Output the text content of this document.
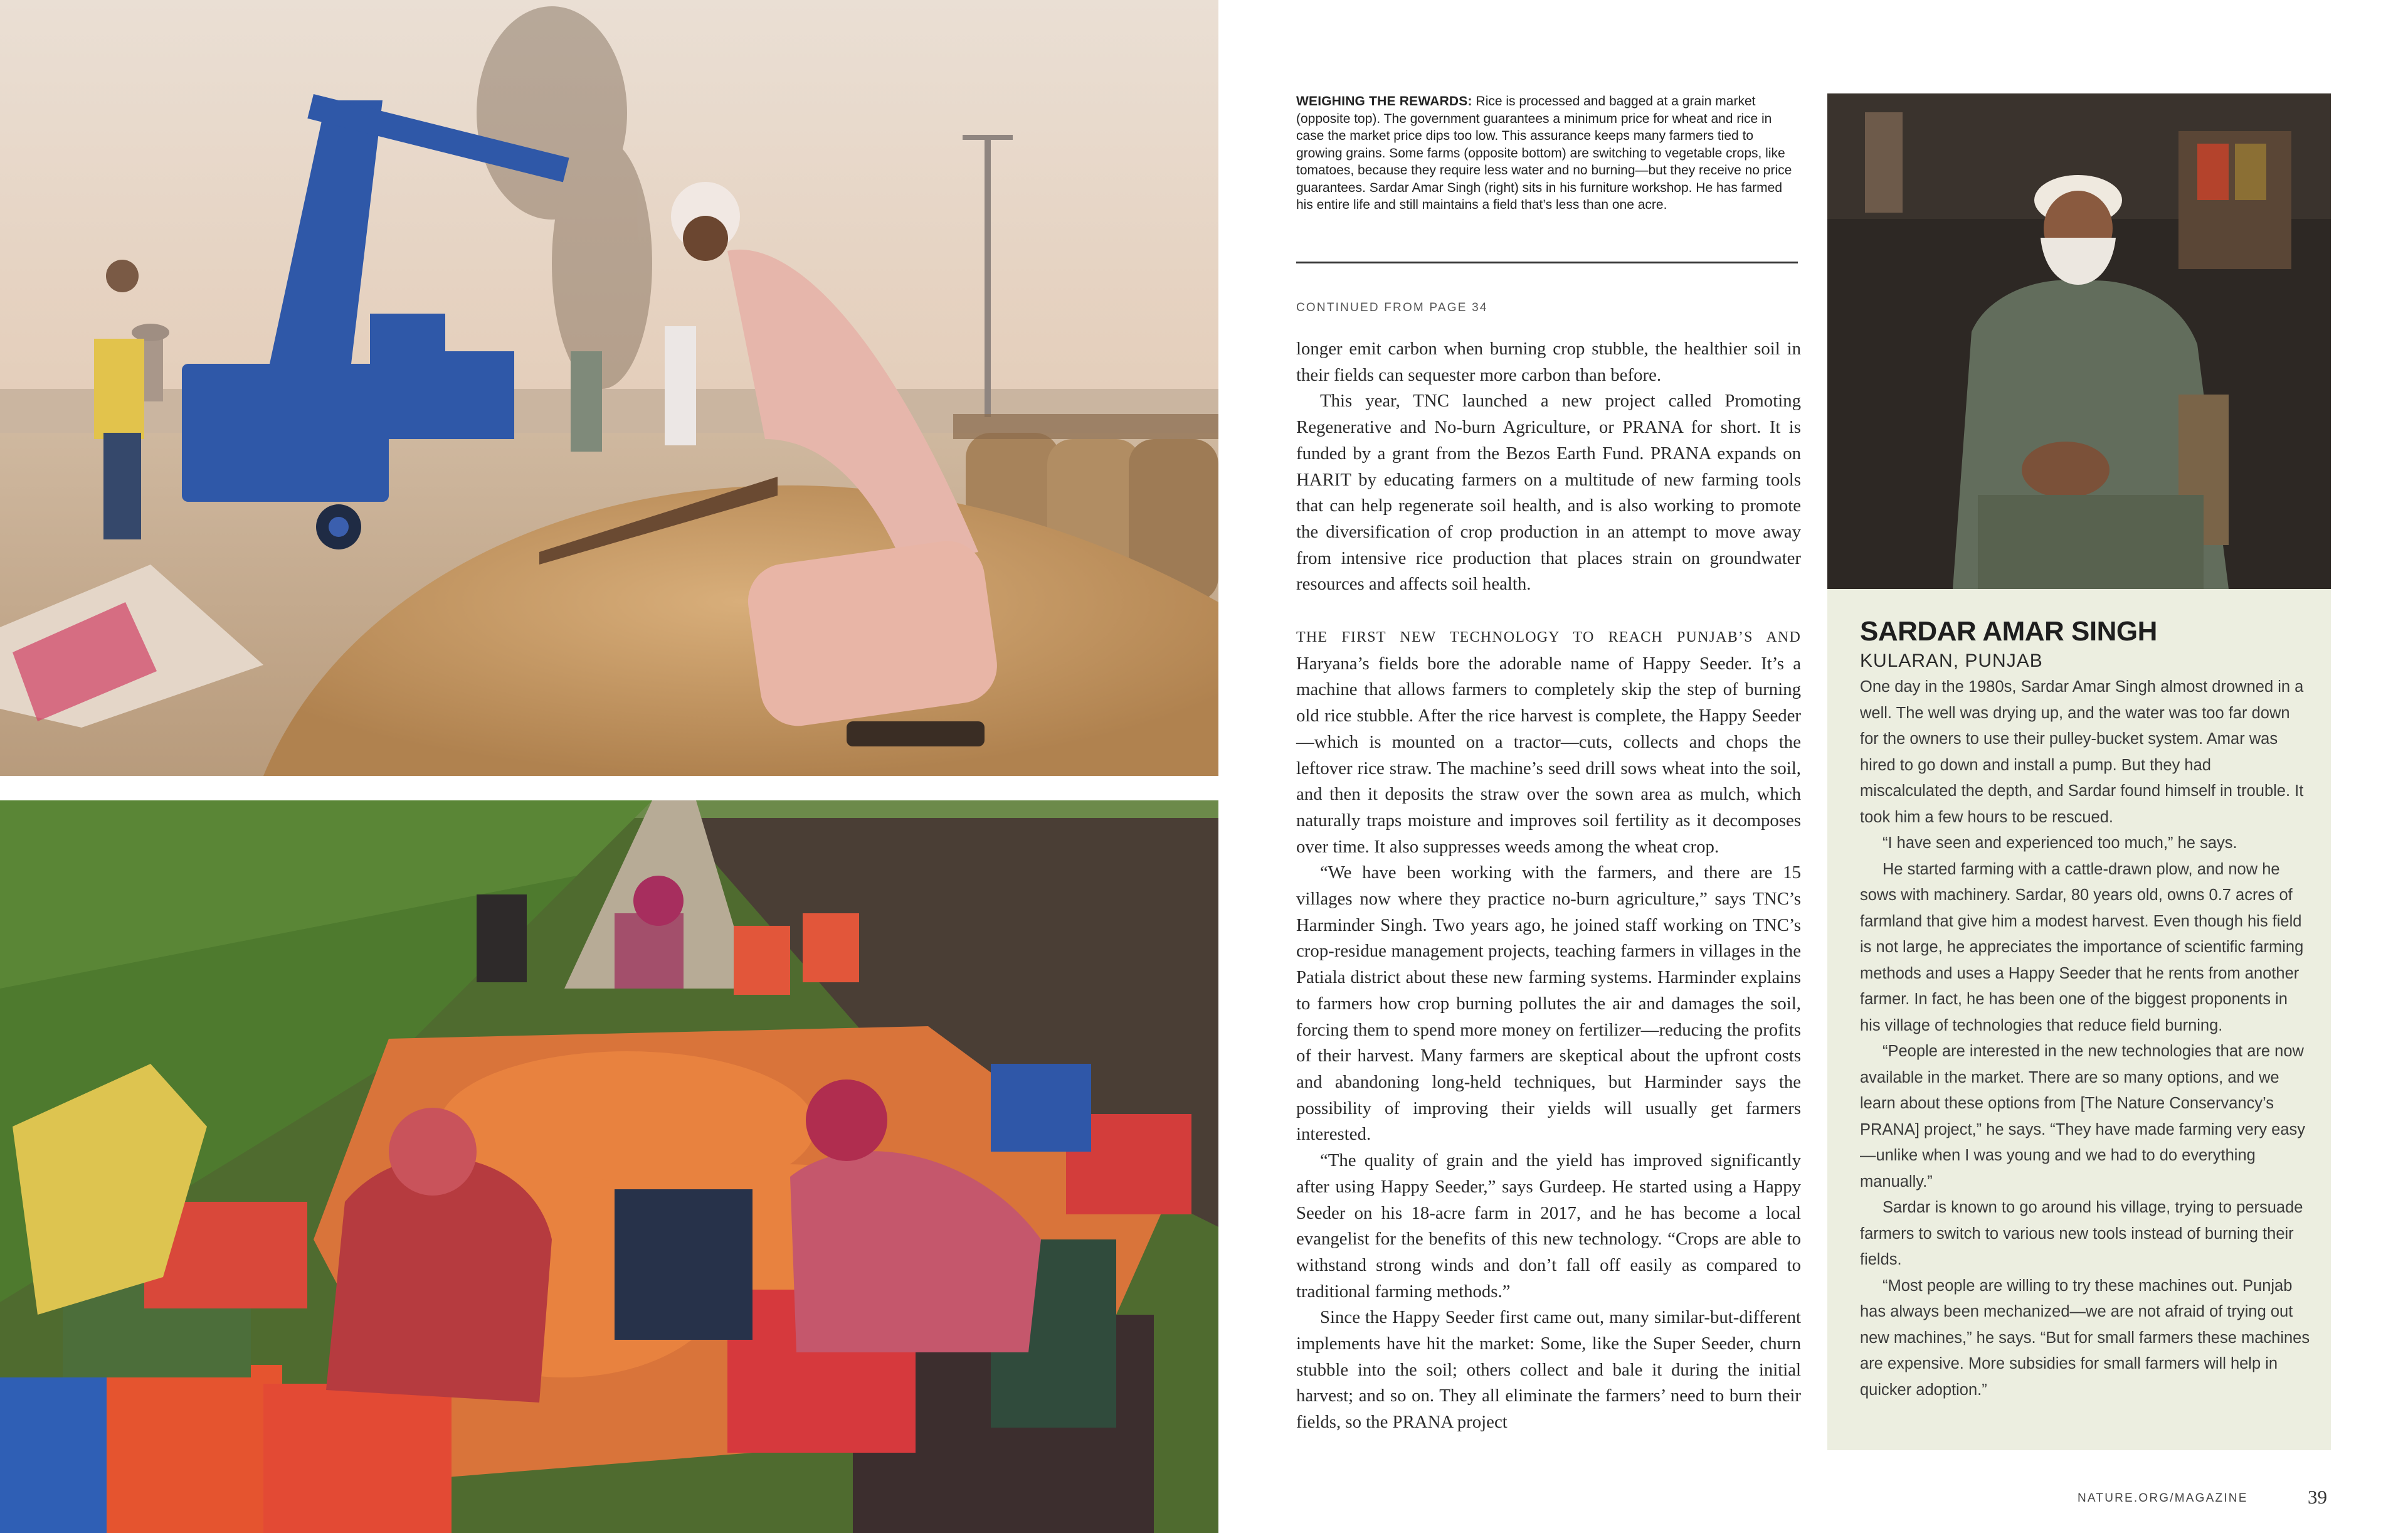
WEIGHING THE REWARDS: Rice is processed and bagged at a grain market (opposite top). The government guarantees a minimum price for wheat and rice in case the market price dips too low. This assurance keeps many farmers tied to growing grains. Some farms (opposite bottom) are switching to vegetable crops, like tomatoes, because they require less water and no burning—but they receive no price guarantees. Sardar Amar Singh (right) sits in his furniture workshop. He has farmed his entire life and still maintains a field that’s less than one acre.
CONTINUED FROM PAGE 34

longer emit carbon when burning crop stubble, the healthier soil in their fields can sequester more carbon than before.

This year, TNC launched a new project called Promoting Regenerative and No-burn Agriculture, or PRANA for short. It is funded by a grant from the Bezos Earth Fund. PRANA expands on HARIT by educating farmers on a multitude of new farming tools that can help regenerate soil health, and is also working to promote the diversification of crop production in an attempt to move away from intensive rice production that places strain on groundwater resources and affects soil health.

THE FIRST NEW TECHNOLOGY TO REACH PUNJAB’S AND Haryana’s fields bore the adorable name of Happy Seeder. It’s a machine that allows farmers to completely skip the step of burning old rice stubble. After the rice harvest is complete, the Happy Seeder—which is mounted on a tractor—cuts, collects and chops the leftover rice straw. The machine’s seed drill sows wheat into the soil, and then it deposits the straw over the sown area as mulch, which naturally traps moisture and improves soil fertility as it decomposes over time. It also suppresses weeds among the wheat crop.

“We have been working with the farmers, and there are 15 villages now where they practice no-burn agriculture,” says TNC’s Harminder Singh. Two years ago, he joined staff working on TNC’s crop-residue management projects, teaching farmers in villages in the Patiala district about these new farming systems. Harminder explains to farmers how crop burning pollutes the air and damages the soil, forcing them to spend more money on fertilizer—reducing the profits of their harvest. Many farmers are skeptical about the upfront costs and abandoning long-held techniques, but Harminder says the possibility of improving their yields will usually get farmers interested.

“The quality of grain and the yield has improved significantly after using Happy Seeder,” says Gurdeep. He started using a Happy Seeder on his 18-acre farm in 2017, and he has become a local evangelist for the benefits of this new technology. “Crops are able to withstand strong winds and don’t fall off easily as compared to traditional farming methods.”

Since the Happy Seeder first came out, many similar-but-different implements have hit the market: Some, like the Super Seeder, churn stubble into the soil; others collect and bale it during the initial harvest; and so on. They all eliminate the farmers’ need to burn their fields, so the PRANA project

SARDAR AMAR SINGH
KULARAN, PUNJAB

One day in the 1980s, Sardar Amar Singh almost drowned in a well. The well was drying up, and the water was too far down for the owners to use their pulley-bucket system. Amar was hired to go down and install a pump. But they had miscalculated the depth, and Sardar found himself in trouble. It took him a few hours to be rescued.

“I have seen and experienced too much,” he says.

He started farming with a cattle-drawn plow, and now he sows with machinery. Sardar, 80 years old, owns 0.7 acres of farmland that give him a modest harvest. Even though his field is not large, he appreciates the importance of scientific farming methods and uses a Happy Seeder that he rents from another farmer. In fact, he has been one of the biggest proponents in his village of technologies that reduce field burning.

“People are interested in the new technologies that are now available in the market. There are so many options, and we learn about these options from [The Nature Conservancy’s PRANA] project,” he says. “They have made farming very easy—unlike when I was young and we had to do everything manually.”

Sardar is known to go around his village, trying to persuade farmers to switch to various new tools instead of burning their fields.

“Most people are willing to try these machines out. Punjab has always been mechanized—we are not afraid of trying out new machines,” he says. “But for small farmers these machines are expensive. More subsidies for small farmers will help in quicker adoption.”

NATURE.ORG/MAGAZINE	39
